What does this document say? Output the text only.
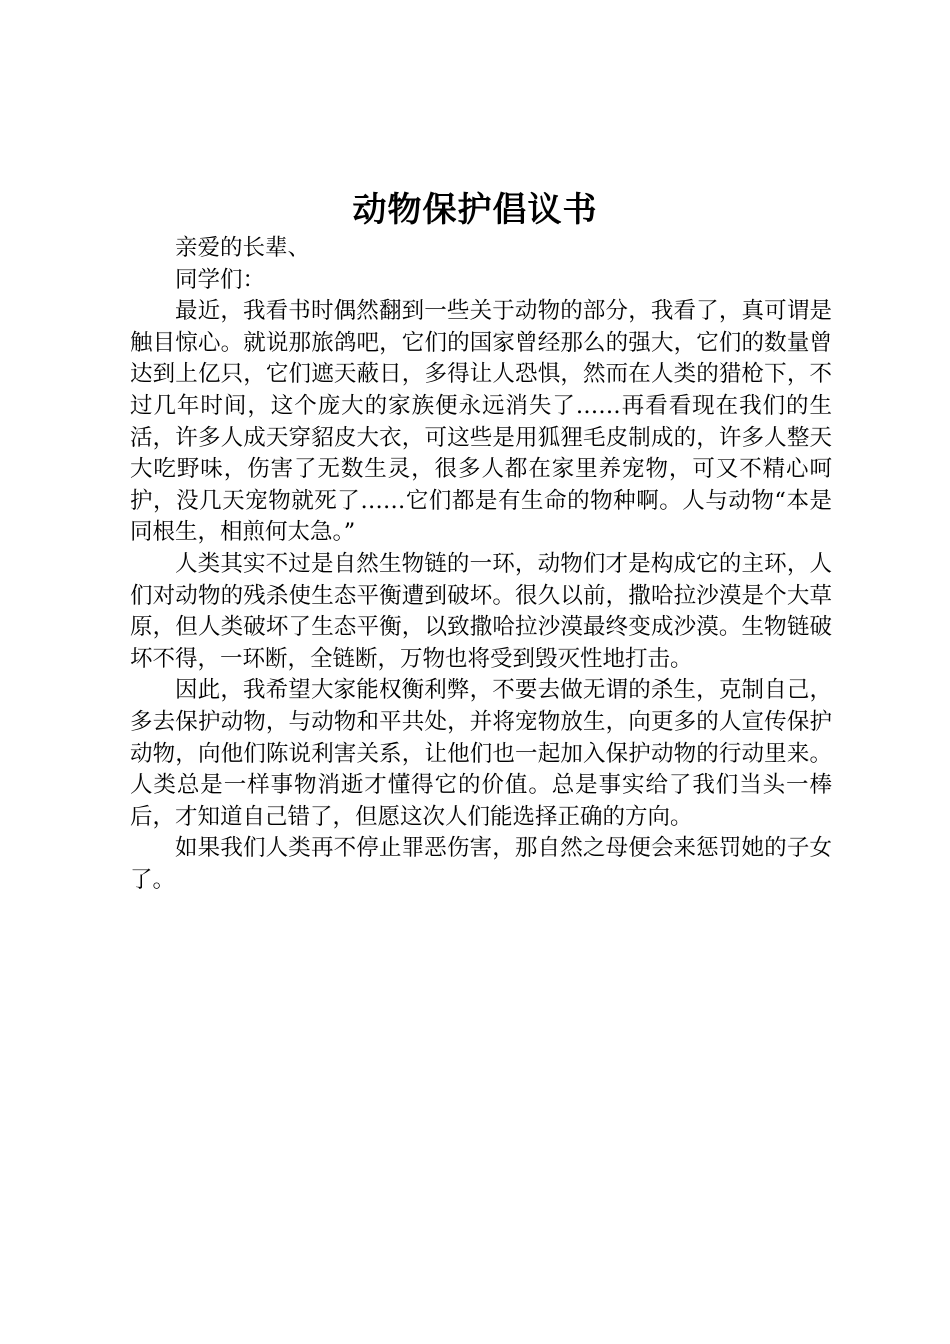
动物保护倡议书

亲爱的长辈、

同学们：

最近，我看书时偶然翻到一些关于动物的部分，我看了，真可谓是触目惊心。就说那旅鸽吧，它们的国家曾经那么的强大，它们的数量曾达到上亿只，它们遮天蔽日，多得让人恐惧，然而在人类的猎枪下，不过几年时间，这个庞大的家族便永远消失了……再看看现在我们的生活，许多人成天穿貂皮大衣，可这些是用狐狸毛皮制成的，许多人整天大吃野味，伤害了无数生灵，很多人都在家里养宠物，可又不精心呵护，没几天宠物就死了……它们都是有生命的物种啊。人与动物“本是同根生，相煎何太急。”

人类其实不过是自然生物链的一环，动物们才是构成它的主环，人们对动物的残杀使生态平衡遭到破坏。很久以前，撒哈拉沙漠是个大草原，但人类破坏了生态平衡，以致撒哈拉沙漠最终变成沙漠。生物链破坏不得，一环断，全链断，万物也将受到毁灭性地打击。

因此，我希望大家能权衡利弊，不要去做无谓的杀生，克制自己，多去保护动物，与动物和平共处，并将宠物放生，向更多的人宣传保护动物，向他们陈说利害关系，让他们也一起加入保护动物的行动里来。人类总是一样事物消逝才懂得它的价值。总是事实给了我们当头一棒后，才知道自己错了，但愿这次人们能选择正确的方向。

如果我们人类再不停止罪恶伤害，那自然之母便会来惩罚她的子女了。
